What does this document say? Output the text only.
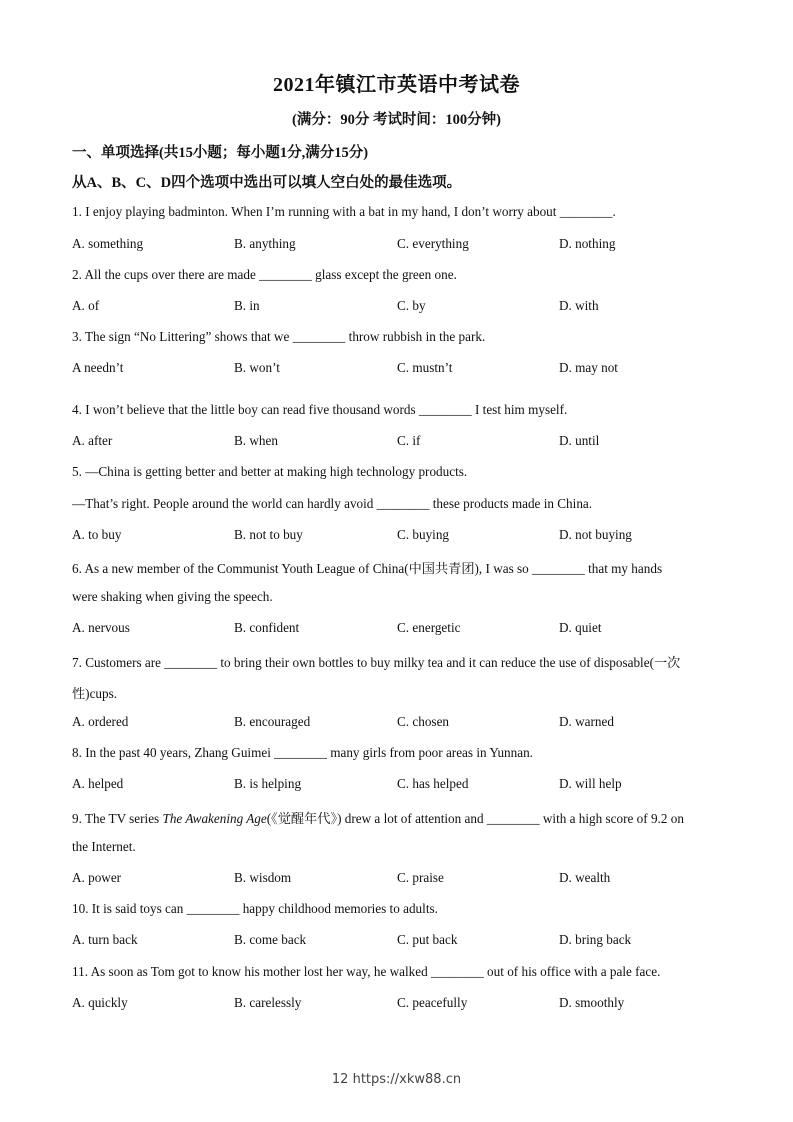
2021年镇江市英语中考试卷
(满分：90分 考试时间：100分钟)
一、单项选择(共15小题；每小题1分,满分15分)
从A、B、C、D四个选项中选出可以填人空白处的最佳选项。
1. I enjoy playing badminton. When I’m running with a bat in my hand, I don’t worry about ________.
A. something	B. anything	C. everything	D. nothing
2. All the cups over there are made ________ glass except the green one.
A. of	B. in	C. by	D. with
3. The sign “No Littering” shows that we ________ throw rubbish in the park.
A needn’t	B. won’t	C. mustn’t	D. may not
4. I won’t believe that the little boy can read five thousand words ________ I test him myself.
A. after	B. when	C. if	D. until
5. —China is getting better and better at making high technology products.
—That’s right. People around the world can hardly avoid ________ these products made in China.
A. to buy	B. not to buy	C. buying	D. not buying
6. As a new member of the Communist Youth League of China(中国共青团), I was so ________ that my hands
were shaking when giving the speech.
A. nervous	B. confident	C. energetic	D. quiet
7. Customers are ________ to bring their own bottles to buy milky tea and it can reduce the use of disposable(一次
性)cups.
A. ordered	B. encouraged	C. chosen	D. warned
8. In the past 40 years, Zhang Guimei ________ many girls from poor areas in Yunnan.
A. helped	B. is helping	C. has helped	D. will help
9. The TV series The Awakening Age(《觉醒年代》) drew a lot of attention and ________ with a high score of 9.2 on
the Internet.
A. power	B. wisdom	C. praise	D. wealth
10. It is said toys can ________ happy childhood memories to adults.
A. turn back	B. come back	C. put back	D. bring back
11. As soon as Tom got to know his mother lost her way, he walked ________ out of his office with a pale face.
A. quickly	B. carelessly	C. peacefully	D. smoothly
12 https://xkw88.cn
